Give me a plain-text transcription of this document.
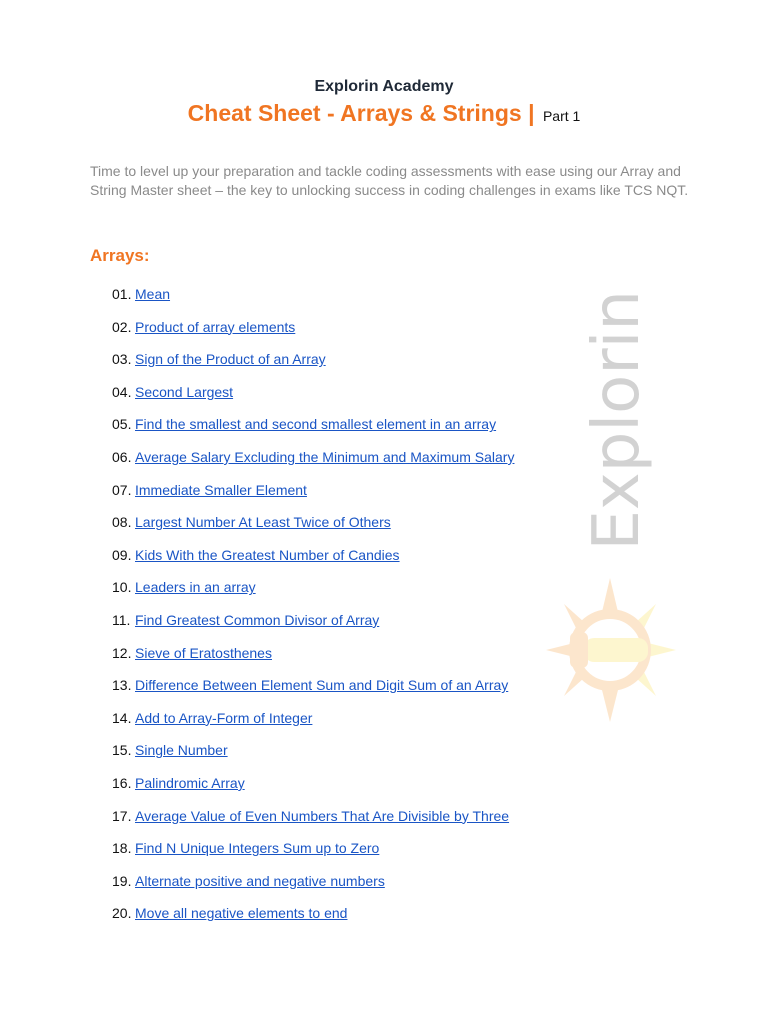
Explorin Academy
Cheat Sheet - Arrays & Strings | Part 1

Time to level up your preparation and tackle coding assessments with ease using our Array and String Master sheet – the key to unlocking success in coding challenges in exams like TCS NQT.

Arrays:
01. Mean
02. Product of array elements
03. Sign of the Product of an Array
04. Second Largest
05. Find the smallest and second smallest element in an array
06. Average Salary Excluding the Minimum and Maximum Salary
07. Immediate Smaller Element
08. Largest Number At Least Twice of Others
09. Kids With the Greatest Number of Candies
10. Leaders in an array
11. Find Greatest Common Divisor of Array
12. Sieve of Eratosthenes
13. Difference Between Element Sum and Digit Sum of an Array
14. Add to Array-Form of Integer
15. Single Number
16. Palindromic Array
17. Average Value of Even Numbers That Are Divisible by Three
18. Find N Unique Integers Sum up to Zero
19. Alternate positive and negative numbers
20. Move all negative elements to end
Explorin
